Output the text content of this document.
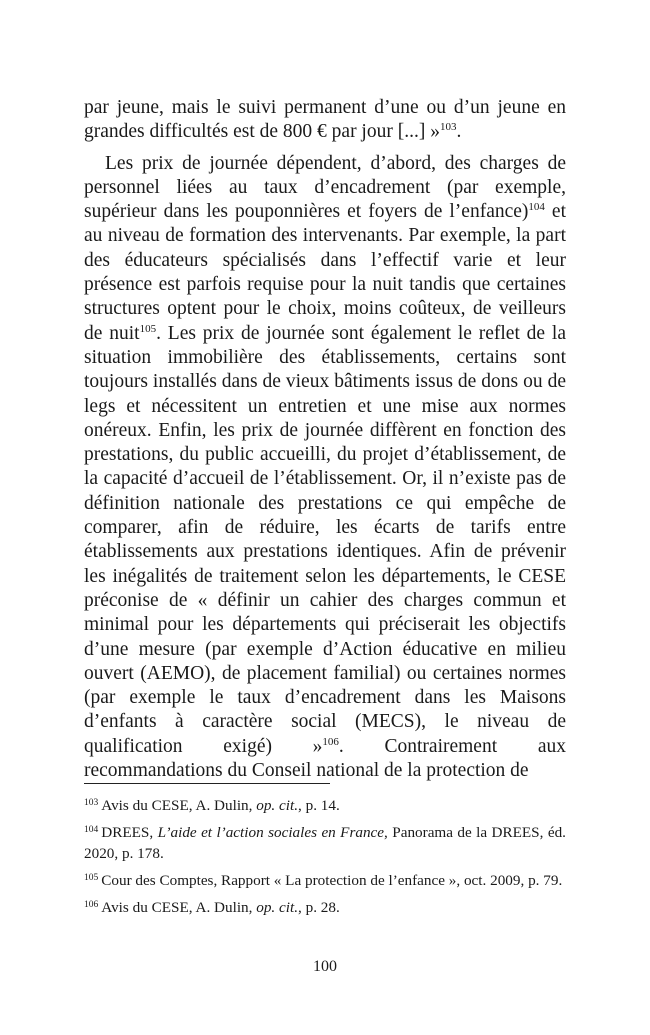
par jeune, mais le suivi permanent d’une ou d’un jeune en grandes difficultés est de 800 € par jour [...] »$^{103}$.

Les prix de journée dépendent, d’abord, des charges de personnel liées au taux d’encadrement (par exemple, supérieur dans les pouponnières et foyers de l’enfance)$^{104}$ et au niveau de formation des intervenants. Par exemple, la part des éducateurs spécialisés dans l’effectif varie et leur présence est parfois requise pour la nuit tandis que certaines structures optent pour le choix, moins coûteux, de veilleurs de nuit$^{105}$. Les prix de journée sont également le reflet de la situation immobilière des établissements, certains sont toujours installés dans de vieux bâtiments issus de dons ou de legs et nécessitent un entretien et une mise aux normes onéreux. Enfin, les prix de journée diffèrent en fonction des prestations, du public accueilli, du projet d’établissement, de la capacité d’accueil de l’établissement. Or, il n’existe pas de définition nationale des prestations ce qui empêche de comparer, afin de réduire, les écarts de tarifs entre établissements aux prestations identiques. Afin de prévenir les inégalités de traitement selon les départements, le CESE préconise de « définir un cahier des charges commun et minimal pour les départements qui préciserait les objectifs d’une mesure (par exemple d’Action éducative en milieu ouvert (AEMO), de placement familial) ou certaines normes (par exemple le taux d’encadrement dans les Maisons d’enfants à caractère social (MECS), le niveau de qualification exigé) »$^{106}$. Contrairement aux recommandations du Conseil national de la protection de

$^{103}$ Avis du CESE, A. Dulin, op. cit., p. 14.

$^{104}$ DREES, L’aide et l’action sociales en France, Panorama de la DREES, éd. 2020, p. 178.

$^{105}$ Cour des Comptes, Rapport « La protection de l’enfance », oct. 2009, p. 79.

$^{106}$ Avis du CESE, A. Dulin, op. cit., p. 28.

100
